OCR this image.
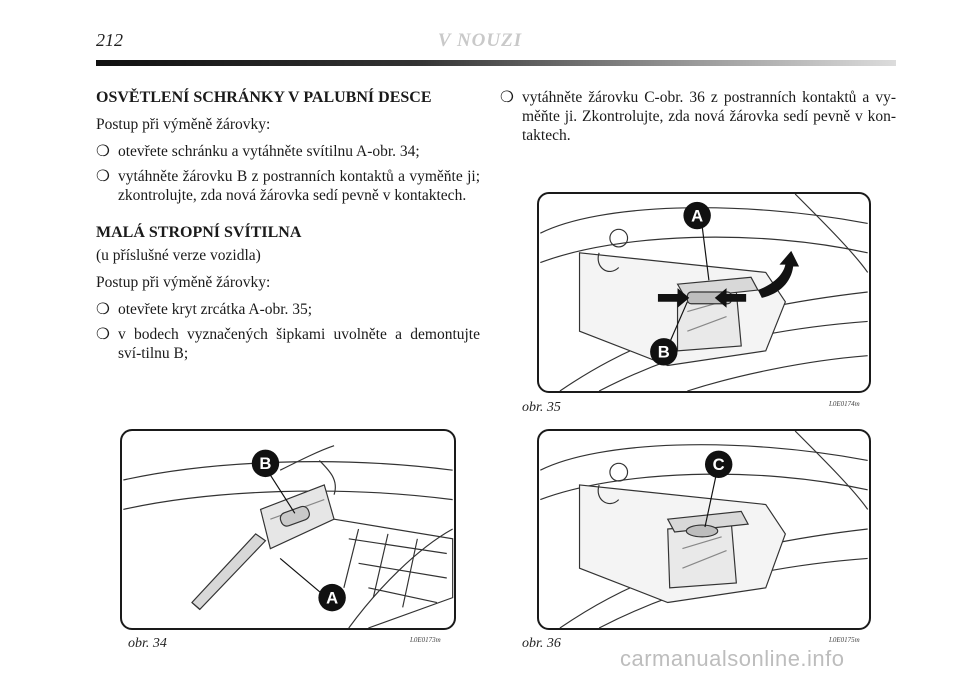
212	V NOUZI
OSVĚTLENÍ SCHRÁNKY V PALUBNÍ DESCE

Postup při výměně žárovky:

❍ otevřete schránku a vytáhněte svítilnu A-obr. 34;
❍ vytáhněte žárovku B z postranních kontaktů a vyměňte ji; zkontrolujte, zda nová žárovka sedí pevně v kontaktech.
MALÁ STROPNÍ SVÍTILNA

(u příslušné verze vozidla)

Postup při výměně žárovky:

❍ otevřete kryt zrcátka A-obr. 35;
❍ v bodech vyznačených šipkami uvolněte a demontujte sví-tilnu B;
❍ vytáhněte žárovku C-obr. 36 z postranních kontaktů a vy-měňte ji. Zkontrolujte, zda nová žárovka sedí pevně v kon-taktech.
A
B
obr. 35	L0E0174m
B
A
obr. 34	L0E0173m
C
obr. 36	L0E0175m
carmanualsonline.info
